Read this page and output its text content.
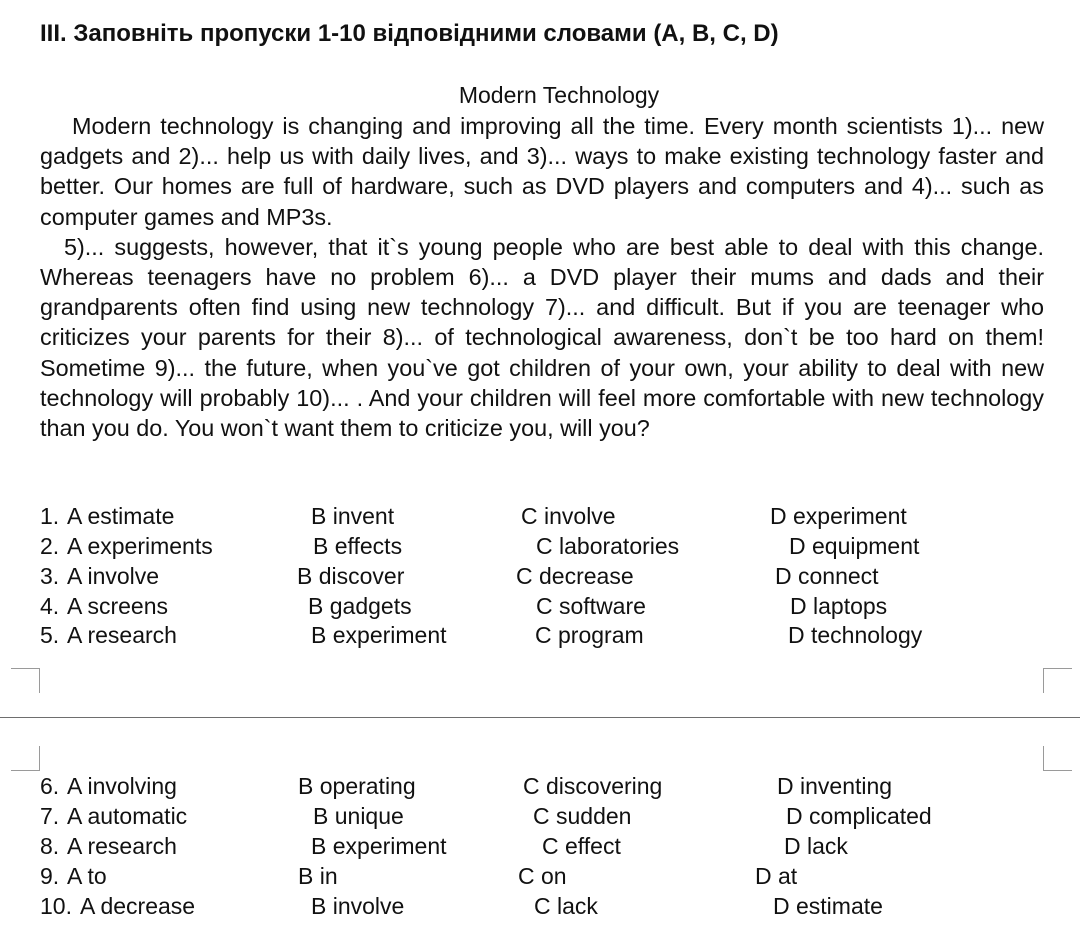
III. Заповніть пропуски 1-10 відповідними словами (A, B, C, D)
Modern Technology

Modern technology is changing and improving all the time. Every month scientists 1)... new gadgets and 2)... help us with daily lives, and 3)... ways to make existing technology faster and better. Our homes are full of hardware, such as DVD players and computers and 4)... such as computer games and MP3s.

5)... suggests, however, that it`s young people who are best able to deal with this change. Whereas teenagers have no problem 6)... a DVD player their mums and dads and their grandparents often find using new technology 7)... and difficult. But if you are teenager who criticizes your parents for their 8)... of technological awareness, don`t be too hard on them! Sometime 9)... the future, when you`ve got children of your own, your ability to deal with new technology will probably 10)... . And your children will feel more comfortable with new technology than you do. You won`t want them to criticize you, will you?

1. A estimate	B invent	C involve	D experiment
2. A experiments	B effects	C laboratories	D equipment
3. A involve	B discover	C decrease	D connect
4. A screens	B gadgets	C software	D laptops
5. A research	B experiment	C program	D technology
6. A involving	B operating	C discovering	D inventing
7. A automatic	B unique	C sudden	D complicated
8. A research	B experiment	C effect	D lack
9. A to	B in	C on	D at
10. A decrease	B involve	C lack	D estimate
